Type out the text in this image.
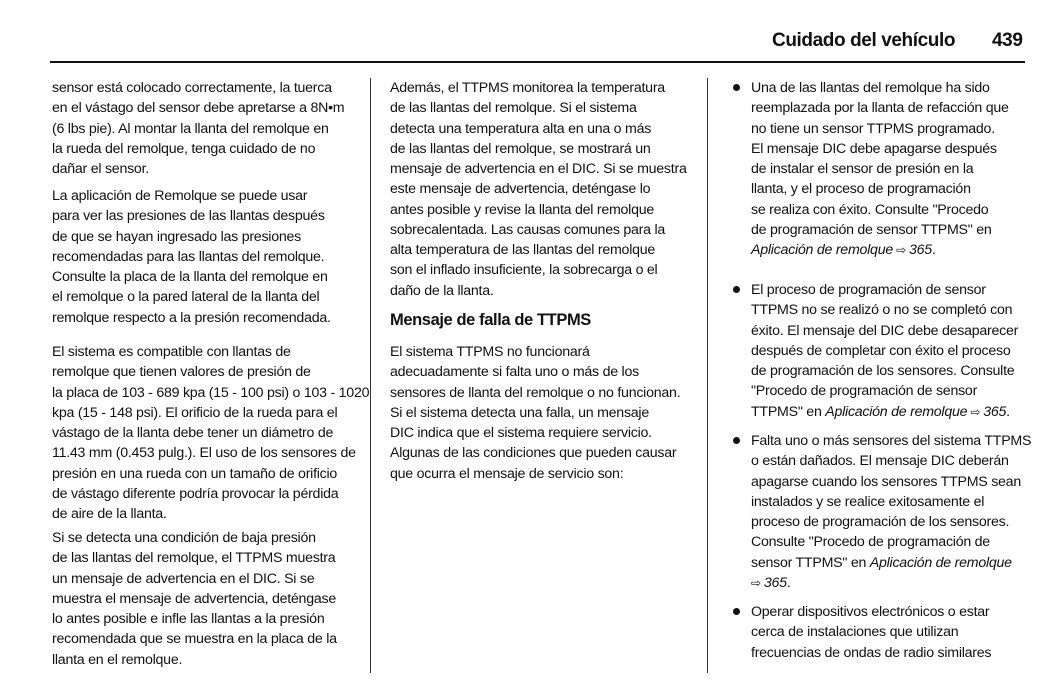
Cuidado del vehículo 439
sensor está colocado correctamente, la tuerca
en el vástago del sensor debe apretarse a 8N•m
(6 lbs pie). Al montar la llanta del remolque en
la rueda del remolque, tenga cuidado de no
dañar el sensor.
La aplicación de Remolque se puede usar
para ver las presiones de las llantas después
de que se hayan ingresado las presiones
recomendadas para las llantas del remolque.
Consulte la placa de la llanta del remolque en
el remolque o la pared lateral de la llanta del
remolque respecto a la presión recomendada.
El sistema es compatible con llantas de
remolque que tienen valores de presión de
la placa de 103 - 689 kpa (15 - 100 psi) o 103 - 1020
kpa (15 - 148 psi). El orificio de la rueda para el
vástago de la llanta debe tener un diámetro de
11.43 mm (0.453 pulg.). El uso de los sensores de
presión en una rueda con un tamaño de orificio
de vástago diferente podría provocar la pérdida
de aire de la llanta.
Si se detecta una condición de baja presión
de las llantas del remolque, el TTPMS muestra
un mensaje de advertencia en el DIC. Si se
muestra el mensaje de advertencia, deténgase
lo antes posible e infle las llantas a la presión
recomendada que se muestra en la placa de la
llanta en el remolque.
Además, el TTPMS monitorea la temperatura
de las llantas del remolque. Si el sistema
detecta una temperatura alta en una o más
de las llantas del remolque, se mostrará un
mensaje de advertencia en el DIC. Si se muestra
este mensaje de advertencia, deténgase lo
antes posible y revise la llanta del remolque
sobrecalentada. Las causas comunes para la
alta temperatura de las llantas del remolque
son el inflado insuficiente, la sobrecarga o el
daño de la llanta.
Mensaje de falla de TTPMS
El sistema TTPMS no funcionará
adecuadamente si falta uno o más de los
sensores de llanta del remolque o no funcionan.
Si el sistema detecta una falla, un mensaje
DIC indica que el sistema requiere servicio.
Algunas de las condiciones que pueden causar
que ocurra el mensaje de servicio son:
Una de las llantas del remolque ha sido
reemplazada por la llanta de refacción que
no tiene un sensor TTPMS programado.
El mensaje DIC debe apagarse después
de instalar el sensor de presión en la
llanta, y el proceso de programación
se realiza con éxito. Consulte "Procedo
de programación de sensor TTPMS" en
Aplicación de remolque ⇨ 365.
El proceso de programación de sensor
TTPMS no se realizó o no se completó con
éxito. El mensaje del DIC debe desaparecer
después de completar con éxito el proceso
de programación de los sensores. Consulte
"Procedo de programación de sensor
TTPMS" en Aplicación de remolque ⇨ 365.
Falta uno o más sensores del sistema TTPMS
o están dañados. El mensaje DIC deberán
apagarse cuando los sensores TTPMS sean
instalados y se realice exitosamente el
proceso de programación de los sensores.
Consulte "Procedo de programación de
sensor TTPMS" en Aplicación de remolque
⇨ 365.
Operar dispositivos electrónicos o estar
cerca de instalaciones que utilizan
frecuencias de ondas de radio similares
